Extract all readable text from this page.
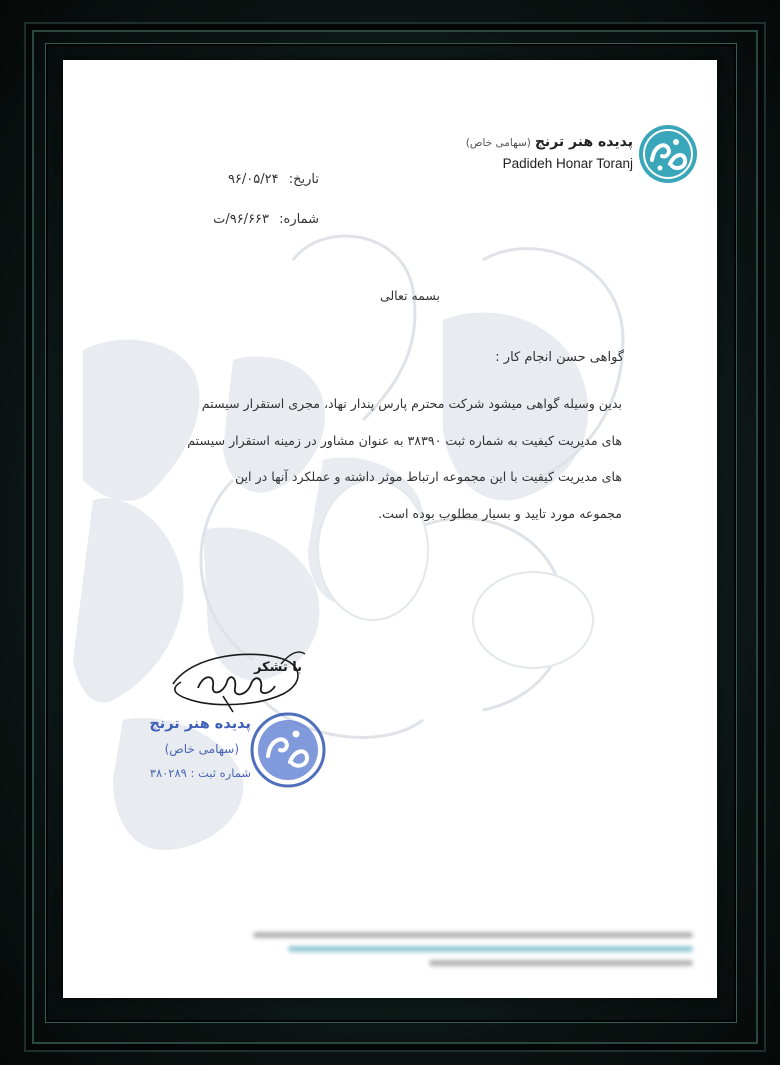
پدیده هنر ترنج (سهامی خاص)
Padideh Honar Toranj
تاریخ: ۹۶/۰۵/۲۴
شماره: ۹۶/۶۶۳/ت
بسمه تعالی
گواهی حسن انجام کار :
بدین وسیله گواهی میشود شرکت محترم پارس پندار نهاد، مجری استقرار سیستم
های مدیریت کیفیت به شماره ثبت ۳۸۳۹۰ به عنوان مشاور در زمینه استقرار سیستم
های مدیریت کیفیت با این مجموعه ارتباط موثر داشته و عملکرد آنها در این
مجموعه مورد تایید و بسیار مطلوب بوده است.
با تشکر
پدیده هنر ترنج
(سهامی خاص)
شماره ثبت : ۳۸۰۲۸۹
